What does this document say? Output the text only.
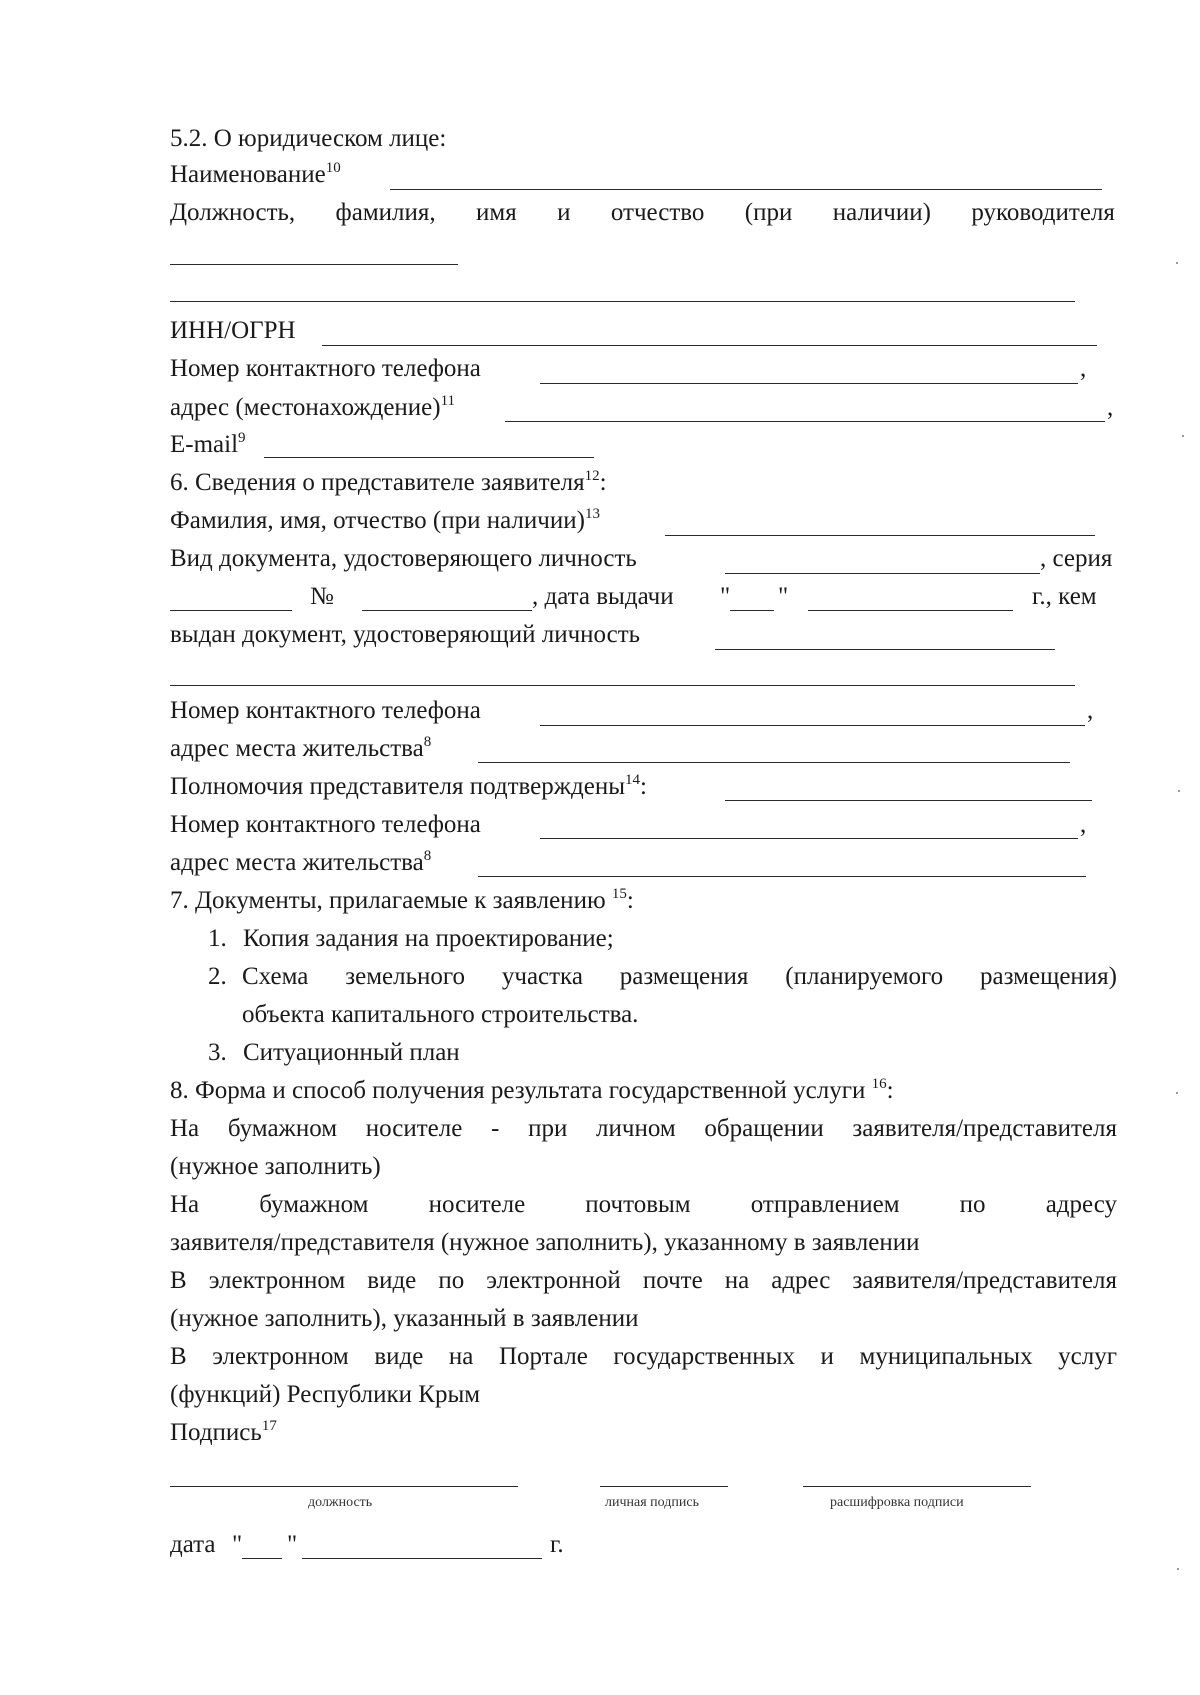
5.2. О юридическом лице:
Наименование$^{10}$
Должность, фамилия, имя и отчество (при наличии) руководителя
ИНН/ОГРН
Номер контактного телефона	,
адрес (местонахождение)$^{11}$	,
E-mail$^9$
6. Сведения о представителе заявителя$^{12}$:
Фамилия, имя, отчество (при наличии)$^{13}$
Вид документа, удостоверяющего личность	, серия
№	, дата выдачи " "	г., кем
выдан документ, удостоверяющий личность
Номер контактного телефона	,
адрес места жительства$^8$
Полномочия представителя подтверждены$^{14}$:
Номер контактного телефона	,
адрес места жительства$^8$
7. Документы, прилагаемые к заявлению $^{15}$:
1. Копия задания на проектирование;
2. Схема земельного участка размещения (планируемого размещения)
объекта капитального строительства.
3. Ситуационный план
8. Форма и способ получения результата государственной услуги $^{16}$:
На бумажном носителе - при личном обращении заявителя/представителя
(нужное заполнить)
На бумажном носителе почтовым отправлением по адресу
заявителя/представителя (нужное заполнить), указанному в заявлении
В электронном виде по электронной почте на адрес заявителя/представителя
(нужное заполнить), указанный в заявлении
В электронном виде на Портале государственных и муниципальных услуг
(функций) Республики Крым
Подпись$^{17}$
должность	личная подпись	расшифровка подписи
дата " "	г.
